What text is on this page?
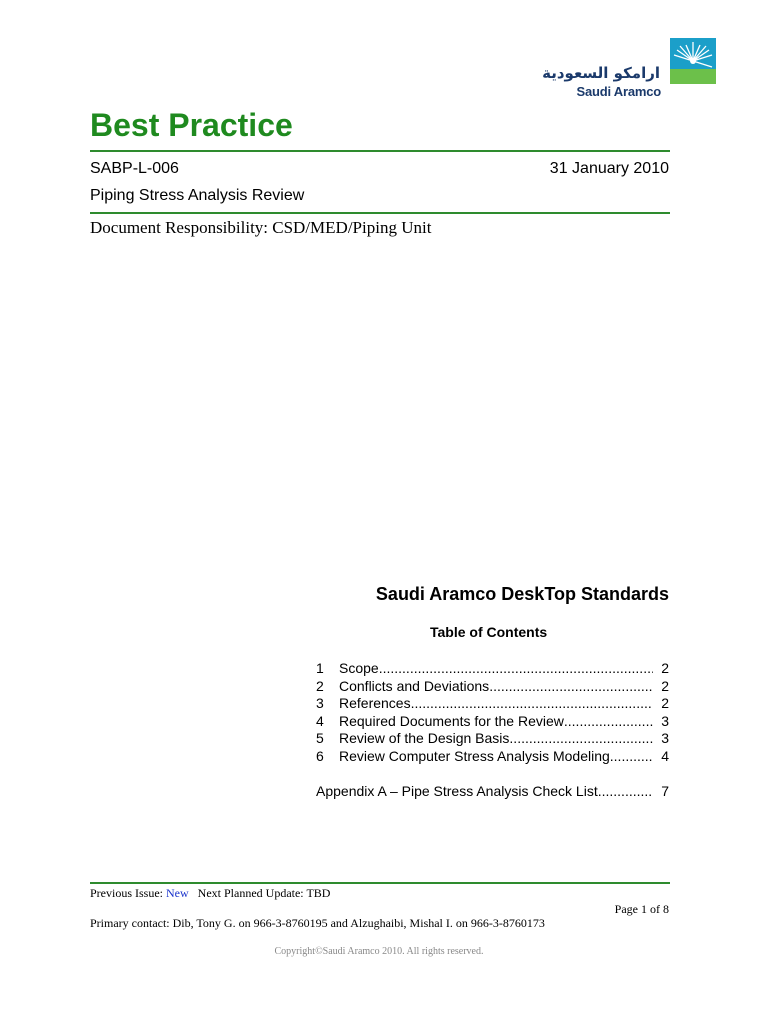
ارامكو السعودية
Saudi Aramco
Best Practice
SABP-L-006	31 January 2010
Piping Stress Analysis Review
Document Responsibility: CSD/MED/Piping Unit
Saudi Aramco DeskTop Standards
Table of Contents
1	Scope .....	2
2	Conflicts and Deviations .....	2
3	References .....	2
4	Required Documents for the Review .....	3
5	Review of the Design Basis .....	3
6	Review Computer Stress Analysis Modeling .....	4
Appendix A – Pipe Stress Analysis Check List .....	7
Previous Issue: New Next Planned Update: TBD
Page 1 of 8
Primary contact: Dib, Tony G. on 966-3-8760195 and Alzughaibi, Mishal I. on 966-3-8760173
Copyright©Saudi Aramco 2010. All rights reserved.
